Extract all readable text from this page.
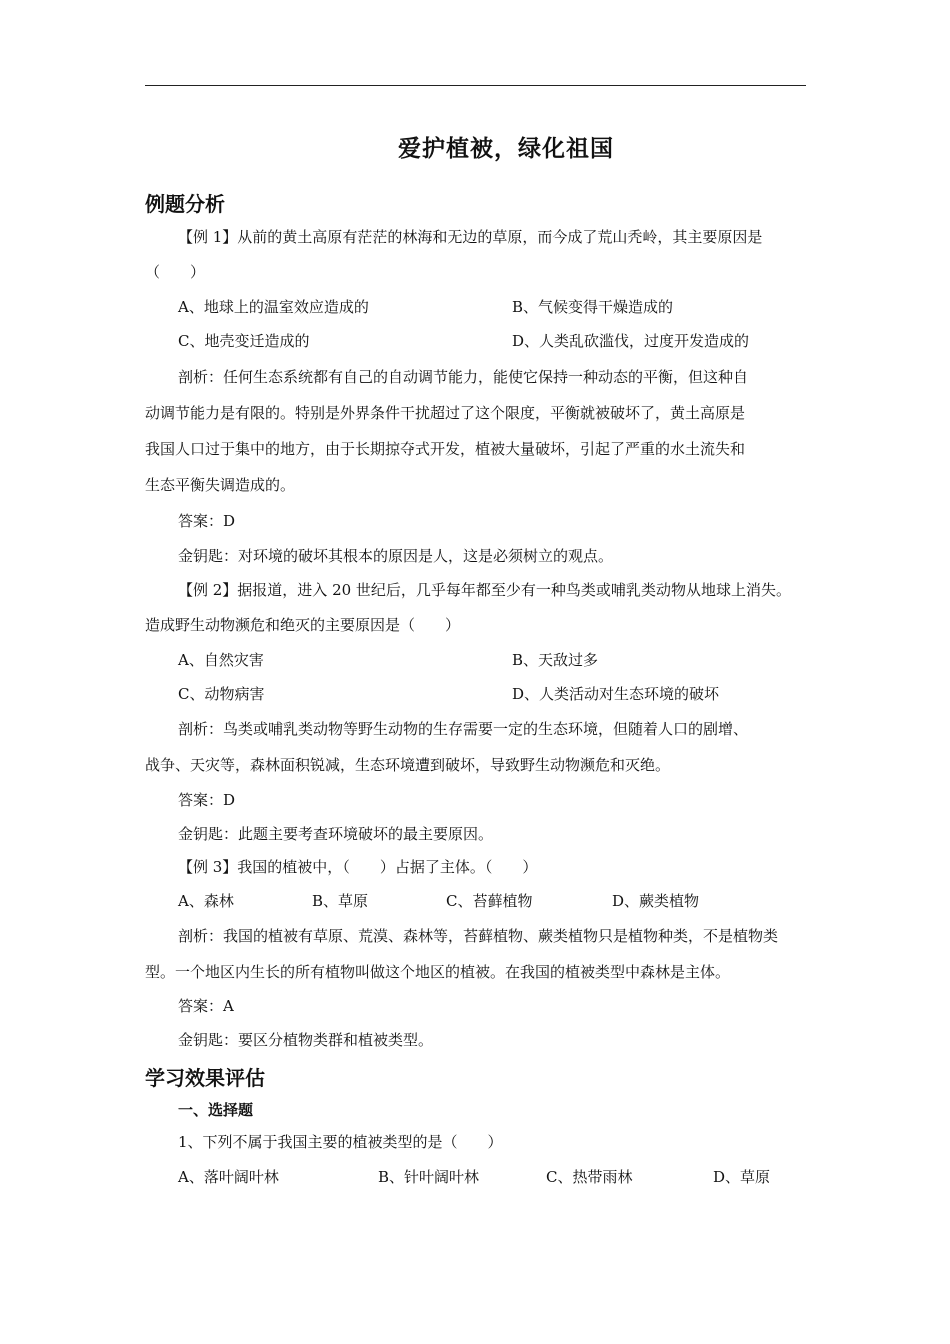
爱护植被，绿化祖国
例题分析
【例 1】从前的黄土高原有茫茫的林海和无边的草原，而今成了荒山秃岭，其主要原因是
（　　）
A、地球上的温室效应造成的	B、气候变得干燥造成的
C、地壳变迁造成的	D、人类乱砍滥伐，过度开发造成的
剖析：任何生态系统都有自己的自动调节能力，能使它保持一种动态的平衡，但这种自
动调节能力是有限的。特别是外界条件干扰超过了这个限度，平衡就被破坏了，黄土高原是
我国人口过于集中的地方，由于长期掠夺式开发，植被大量破坏，引起了严重的水土流失和
生态平衡失调造成的。
答案：D
金钥匙：对环境的破坏其根本的原因是人，这是必须树立的观点。
【例 2】据报道，进入 20 世纪后，几乎每年都至少有一种鸟类或哺乳类动物从地球上消失。
造成野生动物濒危和绝灭的主要原因是（　　）
A、自然灾害	B、天敌过多
C、动物病害	D、人类活动对生态环境的破坏
剖析：鸟类或哺乳类动物等野生动物的生存需要一定的生态环境，但随着人口的剧增、
战争、天灾等，森林面积锐减，生态环境遭到破坏，导致野生动物濒危和灭绝。
答案：D
金钥匙：此题主要考查环境破坏的最主要原因。
【例 3】我国的植被中，（　　）占据了主体。（　　）
A、森林	B、草原	C、苔藓植物	D、蕨类植物
剖析：我国的植被有草原、荒漠、森林等，苔藓植物、蕨类植物只是植物种类，不是植物类
型。一个地区内生长的所有植物叫做这个地区的植被。在我国的植被类型中森林是主体。
答案：A
金钥匙：要区分植物类群和植被类型。
学习效果评估
一、选择题
1、下列不属于我国主要的植被类型的是（　　）
A、落叶阔叶林	B、针叶阔叶林	C、热带雨林	D、草原
